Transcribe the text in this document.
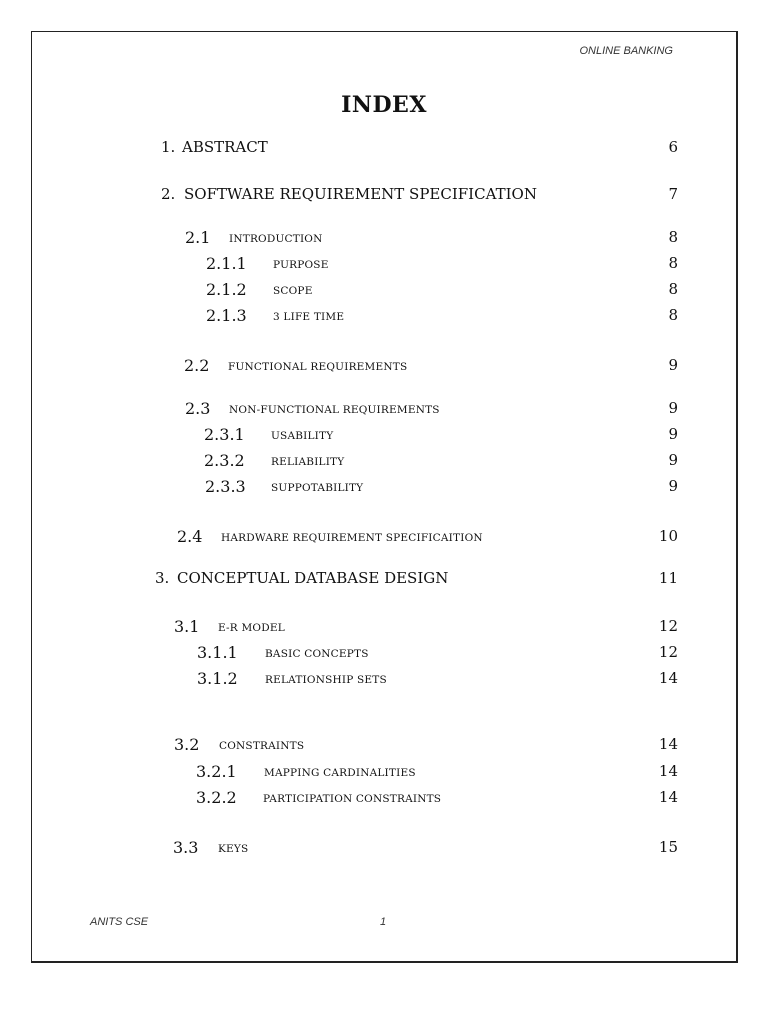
ONLINE BANKING
INDEX
1. ABSTRACT	6
2. SOFTWARE REQUIREMENT SPECIFICATION	7
2.1 INTRODUCTION	8
2.1.1	PURPOSE	8
2.1.2	SCOPE	8
2.1.3	3 LIFE TIME	8
2.2 FUNCTIONAL REQUIREMENTS	9
2.3 NON-FUNCTIONAL REQUIREMENTS	9
2.3.1	USABILITY	9
2.3.2	RELIABILITY	9
2.3.3 SUPPOTABILITY	9
2.4 HARDWARE REQUIREMENT SPECIFICAITION	10
3. CONCEPTUAL DATABASE DESIGN	11
3.1 E-R MODEL	12
3.1.1	BASIC CONCEPTS	12
3.1.2	RELATIONSHIP SETS	14
3.2 CONSTRAINTS	14
3.2.1	MAPPING CARDINALITIES	14
3.2.2	PARTICIPATION CONSTRAINTS	14
3.3 KEYS	15
ANITS CSE	1
